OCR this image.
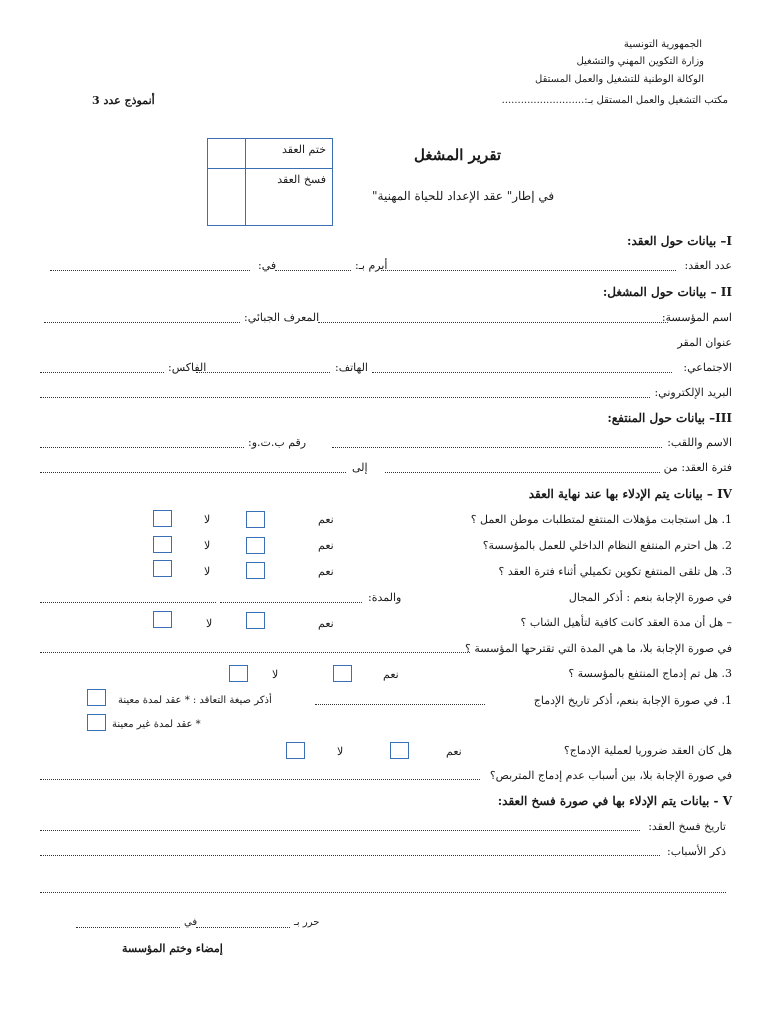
الجمهورية التونسية
وزارة التكوين المهني والتشغيل
الوكالة الوطنية للتشغيل والعمل المستقل
مكتب التشغيل والعمل المستقل بـ:..........................
أنموذج عدد 3
تقرير المشغل
في إطار" عقد الإعداد للحياة المهنية"
ختم العقد	
فسخ العقد	
I– بيانات حول العقد:
عدد العقد:
أبرم بـ:
في:
II – بيانات حول المشغل:
اسم المؤسسة:
المعرف الجبائي:
عنوان المقر
الاجتماعي:
الهاتف:
الفاكس:
البريد الإلكتروني:
III– بيانات حول المنتفع:
الاسم واللقب:
رقم ب.ت.و:
فترة العقد: من
إلى
IV – بيانات يتم الإدلاء بها عند نهاية العقد
1. هل استجابت مؤهلات المنتفع لمتطلبات موطن العمل ؟
نعم
لا
2. هل احترم المنتفع النظام الداخلي للعمل بالمؤسسة؟
نعم
لا
3. هل تلقى المنتفع تكوين تكميلي أثناء فترة العقد ؟
نعم
لا
في صورة الإجابة بنعم : أذكر المجال
والمدة:
– هل أن مدة العقد كانت كافية لتأهيل الشاب ؟
نعم
لا
في صورة الإجابة بلا، ما هي المدة التي تقترحها المؤسسة ؟
3. هل تم إدماج المنتفع بالمؤسسة ؟
نعم
لا
1. في صورة الإجابة بنعم، أذكر تاريخ الإدماج
أذكر صيغة التعاقد : * عقد لمدة معينة
* عقد لمدة غير معينة
هل كان العقد ضروريا لعملية الإدماج؟
نعم
لا
في صورة الإجابة بلا، بين أسباب عدم إدماج المتربص؟
V - بيانات يتم الإدلاء بها في صورة فسخ العقد:
تاريخ فسخ العقد:
ذكر الأسباب:
حرر بـ
في
إمضاء وختم المؤسسة
